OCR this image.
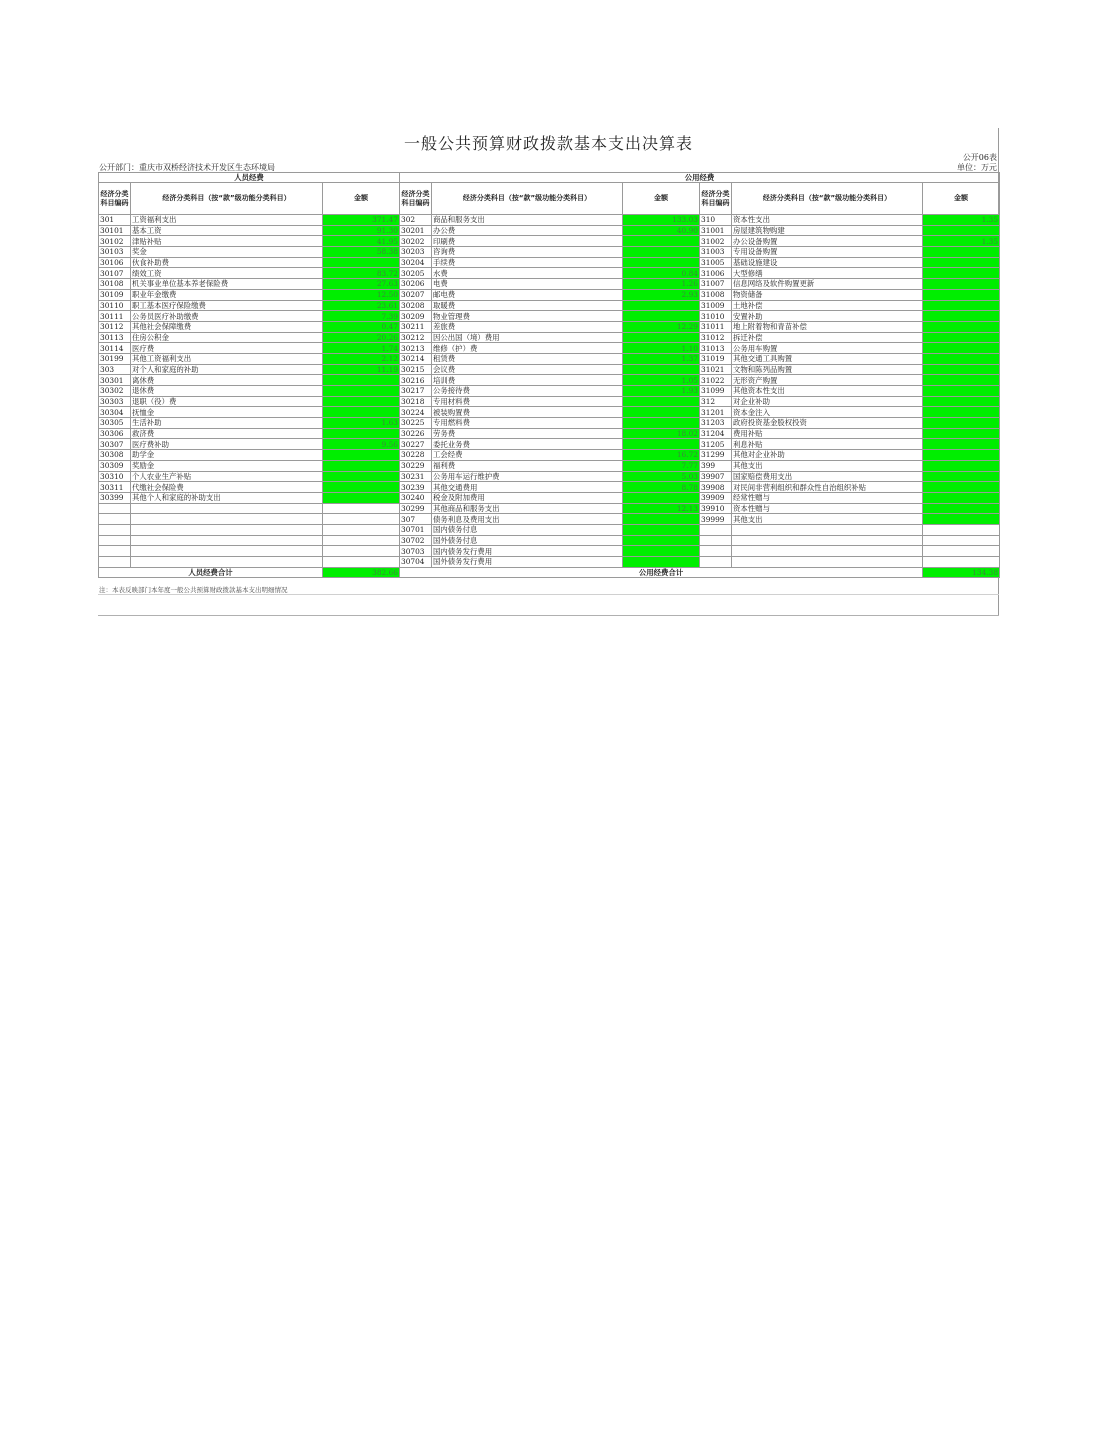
一般公共预算财政拨款基本支出决算表
公开06表
公开部门：重庆市双桥经济技术开发区生态环境局	单位：万元
人员经费			公用经费					
经济分类科目编码	经济分类科目（按“款”级功能分类科目）	金额	经济分类科目编码	经济分类科目（按“款”级功能分类科目）	金额	经济分类科目编码	经济分类科目（按“款”级功能分类科目）	金额
301	工资福利支出	371.47	302	商品和服务支出	133.03	310	资本性支出	1.35
30101	基本工资	91.30	30201	办公费	40.90	31001	房屋建筑物购建	
30102	津贴补贴	41.95	30202	印刷费		31002	办公设备购置	1.35
30103	奖金	58.38	30203	咨询费		31003	专用设备购置	
30106	伙食补助费		30204	手续费		31005	基础设施建设	
30107	绩效工资	83.72	30205	水费	0.84	31006	大型修缮	
30108	机关事业单位基本养老保险费	27.63	30206	电费	1.26	31007	信息网络及软件购置更新	
30109	职业年金缴费	12.50	30207	邮电费	2.93	31008	物资储备	
30110	职工基本医疗保险缴费	23.61	30208	取暖费		31009	土地补偿	
30111	公务员医疗补助缴费	7.39	30209	物业管理费		31010	安置补助	
30112	其他社会保障缴费	0.47	30211	差旅费	12.29	31011	地上附着物和青苗补偿	
30113	住房公积金	20.26	30212	因公出国（境）费用		31012	拆迁补偿	
30114	医疗费	1.74	30213	维修（护）费	1.10	31013	公务用车购置	
30199	其他工资福利支出	2.12	30214	租赁费	1.37	31019	其他交通工具购置	
303	对个人和家庭的补助	11.19	30215	会议费		31021	文物和陈列品购置	
30301	离休费		30216	培训费	1.05	31022	无形资产购置	
30302	退休费		30217	公务接待费	1.93	31099	其他资本性支出	
30303	退职（役）费		30218	专用材料费		312	对企业补助	
30304	抚恤金		30224	被装购置费		31201	资本金注入	
30305	生活补助	1.63	30225	专用燃料费		31203	政府投资基金股权投资	
30306	救济费		30226	劳务费	18.02	31204	费用补贴	
30307	医疗费补助	9.56	30227	委托业务费		31205	利息补贴	
30308	助学金		30228	工会经费	16.72	31299	其他对企业补助	
30309	奖励金		30229	福利费	7.77	399	其他支出	
30310	个人农业生产补贴		30231	公务用车运行维护费	5.03	39907	国家赔偿费用支出	
30311	代缴社会保险费		30239	其他交通费用	8.78	39908	对民间非营利组织和群众性自治组织补贴	
30399	其他个人和家庭的补助支出		30240	税金及附加费用		39909	经常性赠与	
			30299	其他商品和服务支出	12.13	39910	资本性赠与	
			307	债务利息及费用支出		39999	其他支出	
			30701	国内债务付息				
			30702	国外债务付息				
			30703	国内债务发行费用				
			30704	国外债务发行费用				
人员经费合计		382.66	公用经费合计					134.38
注：本表反映部门本年度一般公共预算财政拨款基本支出明细情况
